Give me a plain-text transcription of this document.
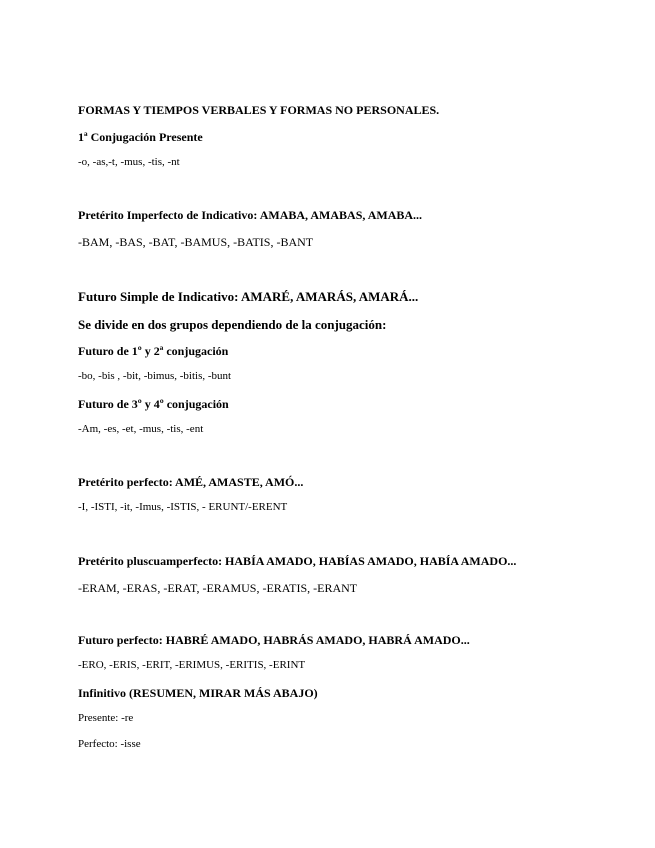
FORMAS Y TIEMPOS VERBALES Y FORMAS NO PERSONALES.
1ª Conjugación Presente
-o, -as,-t, -mus, -tis, -nt
Pretérito Imperfecto de Indicativo: AMABA, AMABAS, AMABA...
-BAM, -BAS, -BAT, -BAMUS, -BATIS, -BANT
Futuro Simple de Indicativo: AMARÉ, AMARÁS, AMARÁ...
Se divide en dos grupos dependiendo de la conjugación:
Futuro de 1º y 2ª conjugación
-bo, -bis , -bit, -bimus, -bitis, -bunt
Futuro de 3º y 4º conjugación
-Am, -es, -et, -mus, -tis, -ent
Pretérito perfecto: AMÉ, AMASTE, AMÓ...
-I, -ISTI, -it, -Imus, -ISTIS, - ERUNT/-ERENT
Pretérito pluscuamperfecto: HABÍA AMADO, HABÍAS AMADO, HABÍA AMADO...
-ERAM, -ERAS, -ERAT, -ERAMUS, -ERATIS, -ERANT
Futuro perfecto: HABRÉ AMADO, HABRÁS AMADO, HABRÁ AMADO...
-ERO, -ERIS, -ERIT, -ERIMUS, -ERITIS, -ERINT
Infinitivo (RESUMEN, MIRAR MÁS ABAJO)
Presente: -re
Perfecto: -isse
